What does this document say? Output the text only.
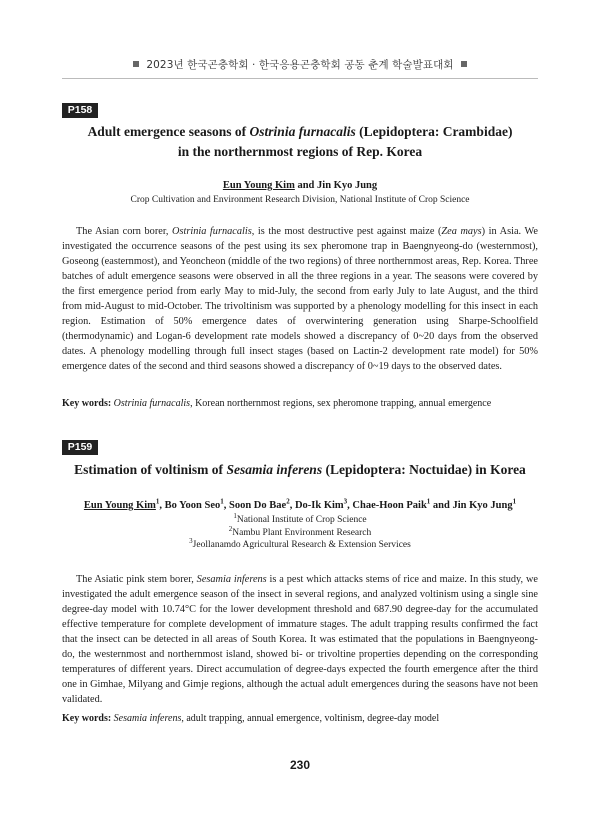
2023년 한국곤충학회 · 한국응용곤충학회 공동 춘계 학술발표대회
P158
Adult emergence seasons of Ostrinia furnacalis (Lepidoptera: Crambidae)
in the northernmost regions of Rep. Korea
Eun Young Kim and Jin Kyo Jung
Crop Cultivation and Environment Research Division, National Institute of Crop Science

The Asian corn borer, Ostrinia furnacalis, is the most destructive pest against maize (Zea mays) in Asia. We investigated the occurrence seasons of the pest using its sex pheromone trap in Baengnyeong-do (westernmost), Goseong (easternmost), and Yeoncheon (middle of the two regions) of three northernmost areas, Rep. Korea. Three batches of adult emergence seasons were observed in all the three regions in a year. The seasons were covered by the first emergence period from early May to mid-July, the second from early July to late August, and the third from mid-August to mid-October. The trivoltinism was supported by a phenology modelling for this insect in each region. Estimation of 50% emergence dates of overwintering generation using Sharpe-Schoolfield (thermodynamic) and Logan-6 development rate models showed a discrepancy of 0~20 days from the observed dates. A phenology modelling through full insect stages (based on Lactin-2 development rate model) for 50% emergence dates of the second and third seasons showed a discrepancy of 0~19 days to the observed dates.

Key words: Ostrinia furnacalis, Korean northernmost regions, sex pheromone trapping, annual emergence
P159
Estimation of voltinism of Sesamia inferens (Lepidoptera: Noctuidae) in Korea
Eun Young Kim$^1$, Bo Yoon Seo$^1$, Soon Do Bae$^2$, Do-Ik Kim$^3$, Chae-Hoon Paik$^1$ and Jin Kyo Jung$^1$
$^1$National Institute of Crop Science
$^2$Nambu Plant Environment Research
$^3$Jeollanamdo Agricultural Research & Extension Services

The Asiatic pink stem borer, Sesamia inferens is a pest which attacks stems of rice and maize. In this study, we investigated the adult emergence season of the insect in several regions, and analyzed voltinism using a single sine degree-day model with 10.74°C for the lower development threshold and 687.90 degree-day for the accumulated effective temperature for complete development of immature stages. The adult trapping results confirmed the fact that the insect can be detected in all areas of South Korea. It was estimated that the populations in Baengnyeong-do, the westernmost and northernmost island, showed bi- or trivoltine properties depending on the corresponding temperatures of different years. Direct accumulation of degree-days expected the fourth emergence after the third one in Gimhae, Milyang and Gimje regions, although the actual adult emergences during the seasons have not been validated.

Key words: Sesamia inferens, adult trapping, annual emergence, voltinism, degree-day model
230
